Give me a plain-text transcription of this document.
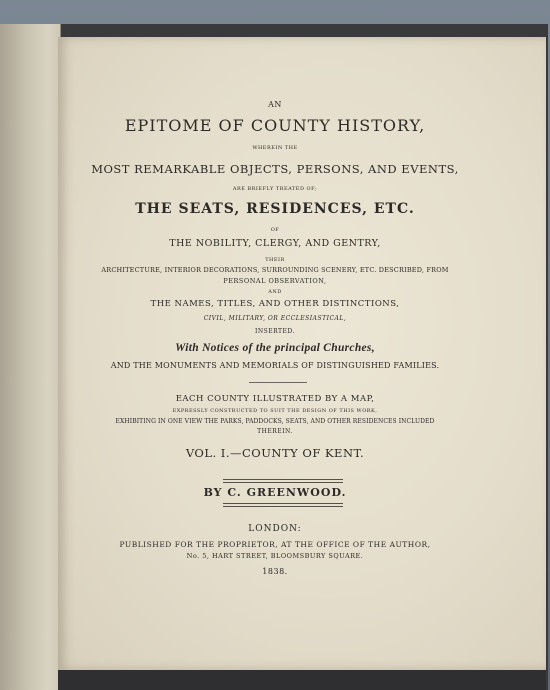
AN
EPITOME OF COUNTY HISTORY,
WHEREIN THE
MOST REMARKABLE OBJECTS, PERSONS, AND EVENTS,
ARE BRIEFLY TREATED OF;
THE SEATS, RESIDENCES, ETC.
OF
THE NOBILITY, CLERGY, AND GENTRY,
THEIR
ARCHITECTURE, INTERIOR DECORATIONS, SURROUNDING SCENERY, ETC. DESCRIBED, FROM
PERSONAL OBSERVATION,
AND
THE NAMES, TITLES, AND OTHER DISTINCTIONS,
CIVIL, MILITARY, OR ECCLESIASTICAL,
INSERTED.
With Notices of the principal Churches,
AND THE MONUMENTS AND MEMORIALS OF DISTINGUISHED FAMILIES.
EACH COUNTY ILLUSTRATED BY A MAP,
EXPRESSLY CONSTRUCTED TO SUIT THE DESIGN OF THIS WORK,
EXHIBITING IN ONE VIEW THE PARKS, PADDOCKS, SEATS, AND OTHER RESIDENCES INCLUDED
THEREIN.
VOL. I.—COUNTY OF KENT.
BY C. GREENWOOD.
LONDON:
PUBLISHED FOR THE PROPRIETOR, AT THE OFFICE OF THE AUTHOR,
No. 5, HART STREET, BLOOMSBURY SQUARE.
1838.
